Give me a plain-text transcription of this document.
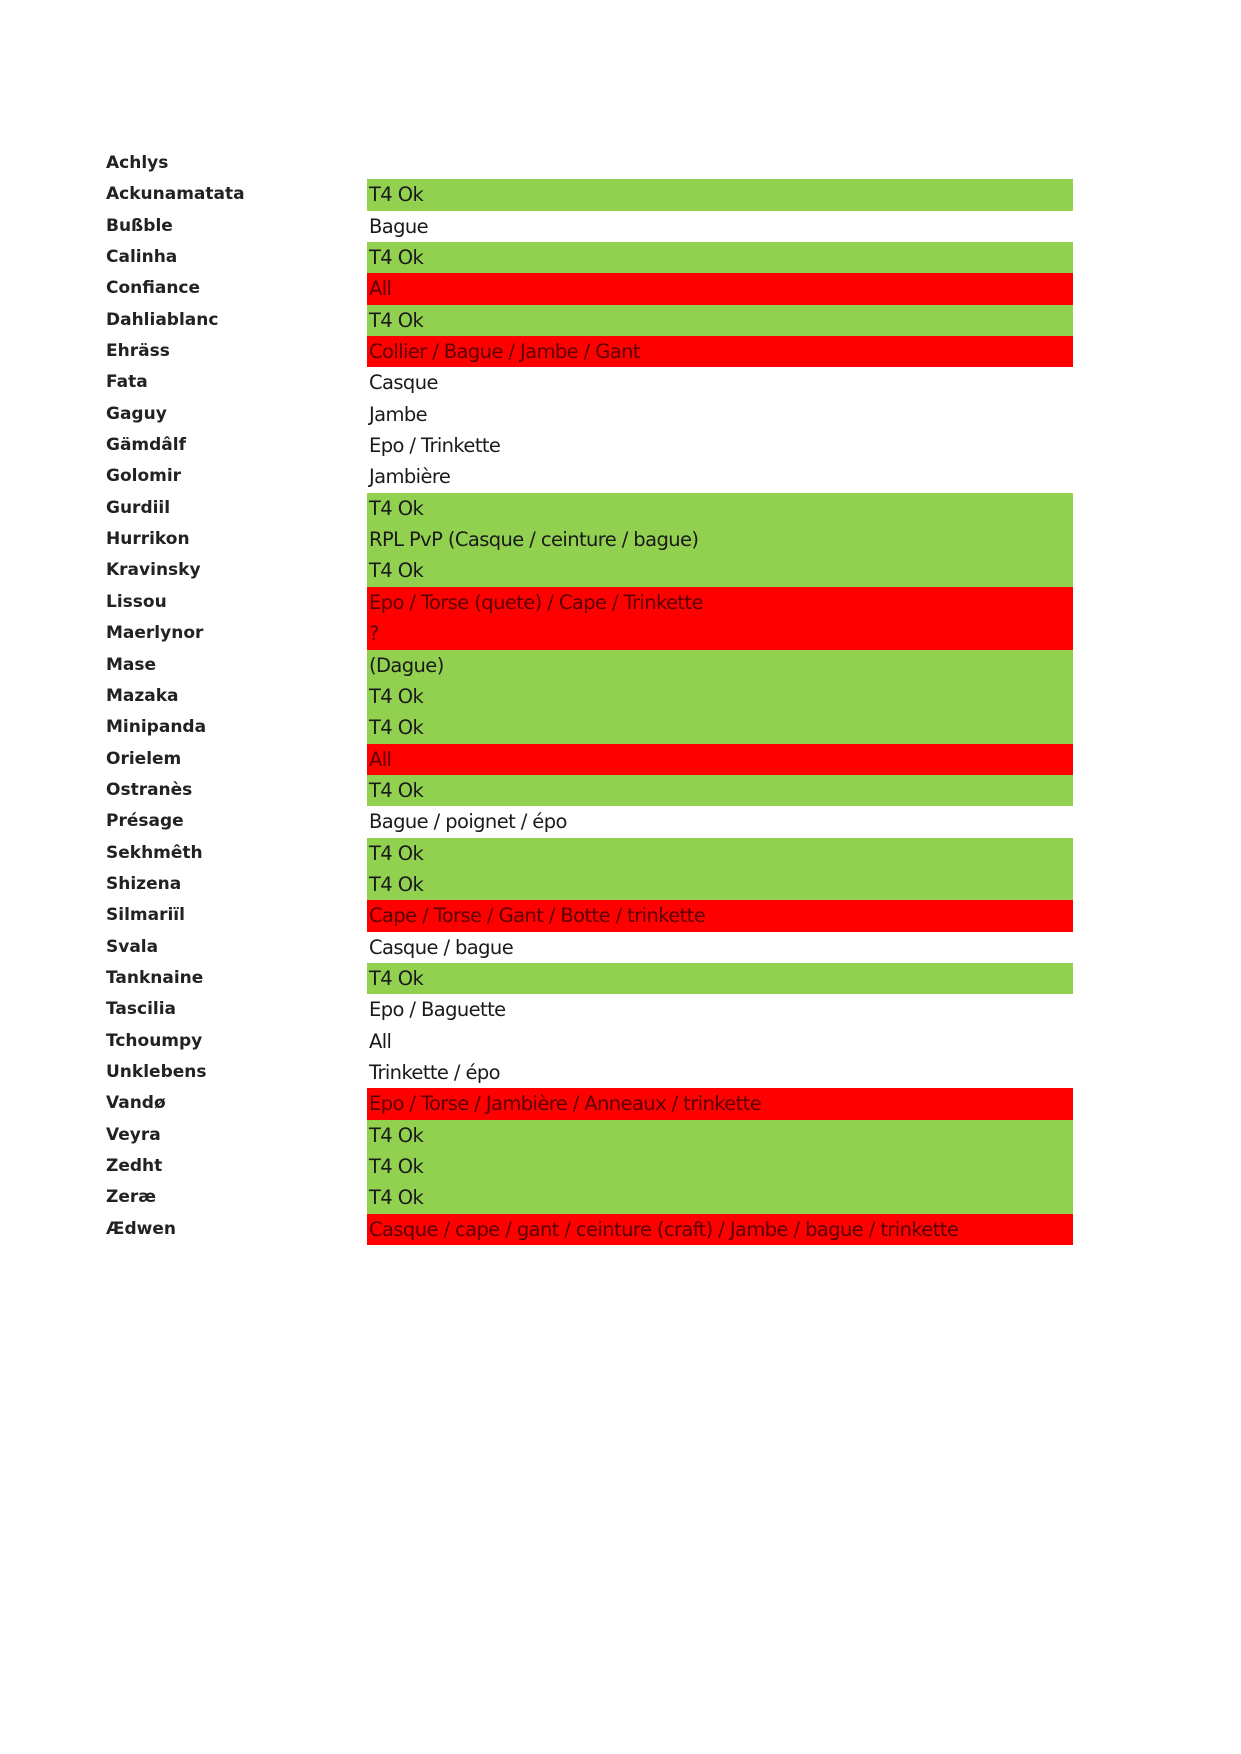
Achlys
Ackunamatata	T4 Ok
Bußble	Bague
Calinha	T4 Ok
Confiance	All
Dahliablanc	T4 Ok
Ehräss	Collier / Bague / Jambe / Gant
Fata	Casque
Gaguy	Jambe
Gämdâlf	Epo / Trinkette
Golomir	Jambière
Gurdiil	T4 Ok
Hurrikon	RPL PvP (Casque / ceinture / bague)
Kravinsky	T4 Ok
Lissou	Epo / Torse (quete) / Cape / Trinkette
Maerlynor	?
Mase	(Dague)
Mazaka	T4 Ok
Minipanda	T4 Ok
Orielem	All
Ostranès	T4 Ok
Présage	Bague / poignet / épo
Sekhmêth	T4 Ok
Shizena	T4 Ok
Silmariïl	Cape / Torse / Gant / Botte / trinkette
Svala	Casque / bague
Tanknaine	T4 Ok
Tascilia	Epo / Baguette
Tchoumpy	All
Unklebens	Trinkette / épo
Vandø	Epo / Torse / Jambière / Anneaux / trinkette
Veyra	T4 Ok
Zedht	T4 Ok
Zeræ	T4 Ok
Ædwen	Casque / cape / gant / ceinture (craft) / Jambe / bague / trinkette
